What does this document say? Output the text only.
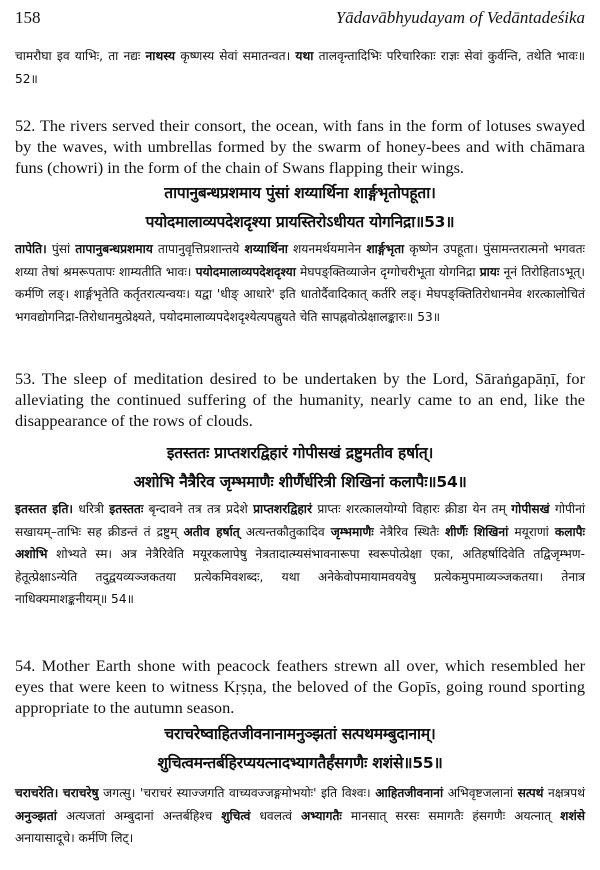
158	Yādavābhyudayam of Vedāntadeśika

चामरौघा इव याभिः, ता नद्यः नाथस्य कृष्णस्य सेवां समातन्वत। यथा तालवृन्तादिभिः परिचारिकाः राज्ञः सेवां कुर्वन्ति, तथेति भावः॥52॥

52. The rivers served their consort, the ocean, with fans in the form of lotuses swayed by the waves, with umbrellas formed by the swarm of honey-bees and with chāmara funs (chowri) in the form of the chain of Swans flapping their wings.

तापानुबन्धप्रशमाय पुंसां शय्यार्थिना शार्ङ्गभृतोपहूता।
पयोदमालाव्यपदेशदृश्या प्रायस्तिरोऽधीयत योगनिद्रा॥53॥

तापेति। पुंसां तापानुबन्धप्रशमाय तापानुवृत्तिप्रशान्तये शय्यार्थिना शयनमर्थयमानेन शार्ङ्गभृता कृष्णेन उपहूता। पुंसामन्तरात्मनो भगवतः शय्या तेषां श्रमरूपतापः शाम्यतीति भावः। पयोदमालाव्यपदेशदृश्या मेघपङ्क्तिव्याजेन दृग्गोचरीभूता योगनिद्रा प्रायः नूनं तिरोहिताऽभूत्। कर्मणि लङ्। शार्ङ्गभृतेति कर्तृतरात्यन्वयः। यद्वा 'धीङ् आधारे' इति धातोर्दैवादिकात् कर्तरि लङ्। मेघपङ्क्तितिरोधानमेव शरत्कालोचितं भगवद्योगनिद्रा-तिरोधानमुत्प्रेक्ष्यते, पयोदमालाव्यपदेशदृश्येत्यपह्नुयते चेति सापह्नवोत्प्रेक्षालङ्कारः॥ 53॥

53. The sleep of meditation desired to be undertaken by the Lord, Sāraṅgapāṇī, for alleviating the continued suffering of the humanity, nearly came to an end, like the disappearance of the rows of clouds.

इतस्ततः प्राप्तशरद्विहारं गोपीसखं द्रष्टुमतीव हर्षात्।
अशोभि नैत्रैरिव जृम्भमाणैः शीर्णैर्धरित्री शिखिनां कलापैः॥54॥

इतस्तत इति। धरित्री इतस्ततः बृन्दावने तत्र तत्र प्रदेशे प्राप्तशरद्विहारं प्राप्तः शरत्कालयोग्यो विहारः क्रीडा येन तम् गोपीसखं गोपीनां सखायम्–ताभिः सह क्रीडन्तं तं द्रष्टुम् अतीव हर्षात् अत्यन्तकौतुकादिव जृम्भमाणैः नेत्रैरिव स्थितैः शीर्णैः शिखिनां मयूराणां कलापैः अशोभि शोभ्यते स्म। अत्र नेत्रैरिवेति मयूरकलापेषु नेत्रतादात्म्यसंभावनारूपा स्वरूपोत्प्रेक्षा एका, अतिहर्षादिवेति तद्विजृम्भण-हेतूत्प्रेक्षाऽन्येति तदुद्वयव्यञ्जकतया प्रत्येकमिवशब्दः, यथा अनेकेवोपमायामवयवेषु प्रत्येकमुपमाव्यञ्जकतया। तेनात्र नाधिक्यमाशङ्कनीयम्॥ 54॥

54. Mother Earth shone with peacock feathers strewn all over, which resembled her eyes that were keen to witness Kṛṣṇa, the beloved of the Gopīs, going round sporting appropriate to the autumn season.

चराचरेष्वाहितजीवनानामनुञ्झतां सत्पथमम्बुदानाम्।
शुचित्वमन्तर्बहिरप्ययत्नादभ्यागतैर्हंसगणैः शशंसे॥55॥

चराचरेति। चराचरेषु जगत्सु। 'चराचरं स्याज्जगति वाच्यवज्जङ्गमोभयोः' इति विश्वः। आहितजीवनानां अभिवृष्टजलानां सत्पथं नक्षत्रपथं अनुञ्झतां अत्यजतां अम्बुदानां अन्तर्बहिश्च शुचित्वं धवलत्वं अभ्यागतैः मानसात् सरसः समागतैः हंसगणैः अयत्नात् शशंसे अनायासादूचे। कर्मणि लिट्।
